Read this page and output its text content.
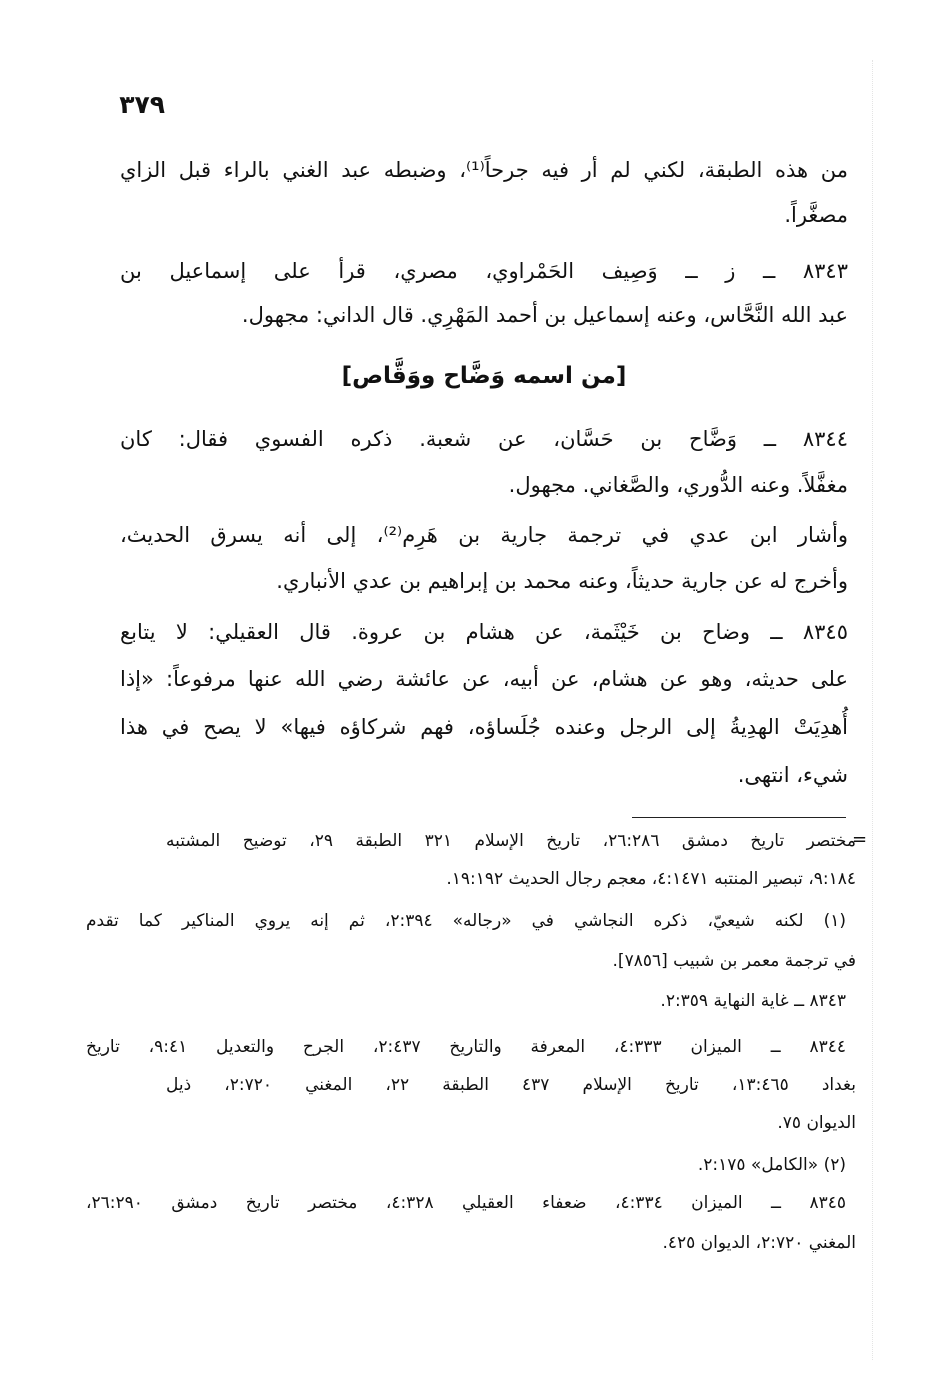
٣٧٩
من هذه الطبقة، لكني لم أر فيه جرحاً⁽¹⁾، وضبطه عبد الغني بالراء قبل الزاي
مصغَّراً.
٨٣٤٣ ــ ز ــ وَصِيف الحَمْراوي، مصري، قرأ على إسماعيل بن
عبد الله النَّحَّاس، وعنه إسماعيل بن أحمد المَهْرِي. قال الداني: مجهول.
[من اسمه وَضَّاح ووَقَّاص]
٨٣٤٤ ــ وَضَّاح بن حَسَّان، عن شعبة. ذكره الفسوي فقال: كان
مغفَّلاً. وعنه الدُّوري، والصَّغاني. مجهول.
وأشار ابن عدي في ترجمة جارية بن هَرِم⁽²⁾، إلى أنه يسرق الحديث،
وأخرج له عن جارية حديثاً، وعنه محمد بن إبراهيم بن عدي الأنباري.
٨٣٤٥ ــ وضاح بن خَيْثَمة، عن هشام بن عروة. قال العقيلي: لا يتابع
على حديثه، وهو عن هشام، عن أبيه، عن عائشة رضي الله عنها مرفوعاً: «إذا
أُهدِيَتْ الهدِيةُ إلى الرجل وعنده جُلَساؤه، فهم شركاؤه فيها» لا يصح في هذا
شيء، انتهى.
=
مختصر تاريخ دمشق ٢٦:٢٨٦، تاريخ الإسلام ٣٢١ الطبقة ٢٩، توضيح المشتبه
٩:١٨٤، تبصير المنتبه ٤:١٤٧١، معجم رجال الحديث ١٩:١٩٢.
(١) لكنه شيعيّ، ذكره النجاشي في «رجاله» ٢:٣٩٤، ثم إنه يروي المناكير كما تقدم
في ترجمة معمر بن شبيب [٧٨٥٦].
٨٣٤٣ ــ غاية النهاية ٢:٣٥٩.
٨٣٤٤ ــ الميزان ٤:٣٣٣، المعرفة والتاريخ ٢:٤٣٧، الجرح والتعديل ٩:٤١، تاريخ
بغداد ١٣:٤٦٥، تاريخ الإسلام ٤٣٧ الطبقة ٢٢، المغني ٢:٧٢٠، ذيل
الديوان ٧٥.
(٢) «الكامل» ٢:١٧٥.
٨٣٤٥ ــ الميزان ٤:٣٣٤، ضعفاء العقيلي ٤:٣٢٨، مختصر تاريخ دمشق ٢٦:٢٩٠،
المغني ٢:٧٢٠، الديوان ٤٢٥.
